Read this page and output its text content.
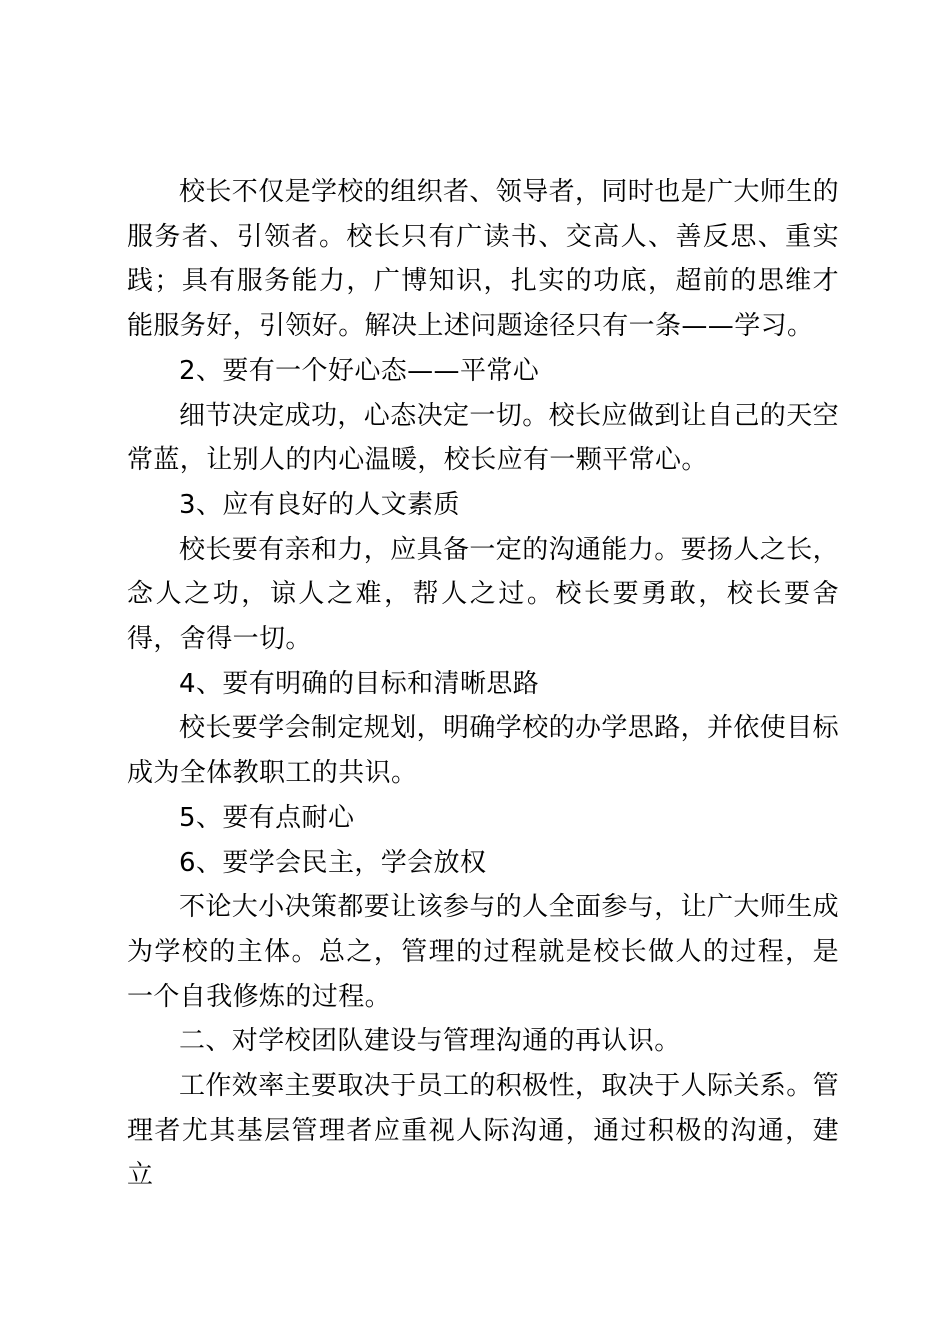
校长不仅是学校的组织者、领导者，同时也是广大师生的服务者、引领者。校长只有广读书、交高人、善反思、重实践；具有服务能力，广博知识，扎实的功底，超前的思维才能服务好，引领好。解决上述问题途径只有一条——学习。

2、要有一个好心态——平常心

细节决定成功，心态决定一切。校长应做到让自己的天空常蓝，让别人的内心温暖，校长应有一颗平常心。

3、应有良好的人文素质

校长要有亲和力，应具备一定的沟通能力。要扬人之长，念人之功，谅人之难，帮人之过。校长要勇敢，校长要舍得，舍得一切。

4、要有明确的目标和清晰思路

校长要学会制定规划，明确学校的办学思路，并依使目标成为全体教职工的共识。

5、要有点耐心

6、要学会民主，学会放权

不论大小决策都要让该参与的人全面参与，让广大师生成为学校的主体。总之，管理的过程就是校长做人的过程，是一个自我修炼的过程。

二、对学校团队建设与管理沟通的再认识。

工作效率主要取决于员工的积极性，取决于人际关系。管理者尤其基层管理者应重视人际沟通，通过积极的沟通，建立
